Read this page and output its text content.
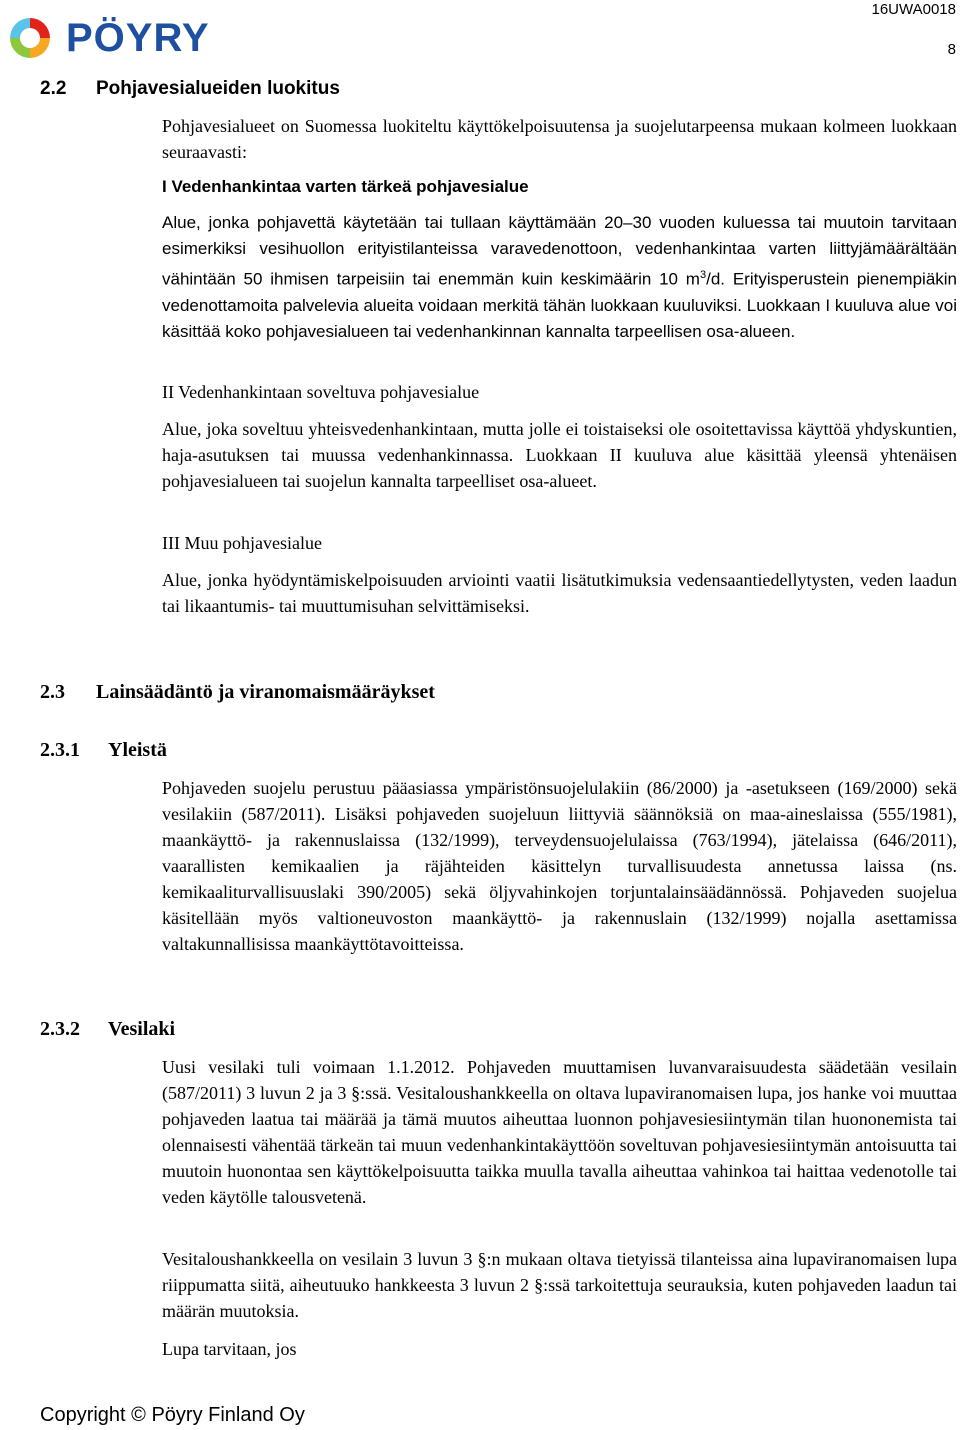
PÖYRY
16UWA0018
8
2.2	Pohjavesialueiden luokitus
Pohjavesialueet on Suomessa luokiteltu käyttökelpoisuutensa ja suojelutarpeensa mukaan kolmeen luokkaan seuraavasti:
I Vedenhankintaa varten tärkeä pohjavesialue
Alue, jonka pohjavettä käytetään tai tullaan käyttämään 20–30 vuoden kuluessa tai muutoin tarvitaan esimerkiksi vesihuollon erityistilanteissa varavedenottoon, vedenhankintaa varten liittyjämäärältään vähintään 50 ihmisen tarpeisiin tai enemmän kuin keskimäärin 10 $m^3/d$. Erityisperustein pienempiäkin vedenottamoita palvelevia alueita voidaan merkitä tähän luokkaan kuuluviksi. Luokkaan I kuuluva alue voi käsittää koko pohjavesialueen tai vedenhankinnan kannalta tarpeellisen osa-alueen.
II Vedenhankintaan soveltuva pohjavesialue
Alue, joka soveltuu yhteisvedenhankintaan, mutta jolle ei toistaiseksi ole osoitettavissa käyttöä yhdyskuntien, haja-asutuksen tai muussa vedenhankinnassa. Luokkaan II kuuluva alue käsittää yleensä yhtenäisen pohjavesialueen tai suojelun kannalta tarpeelliset osa-alueet.
III Muu pohjavesialue
Alue, jonka hyödyntämiskelpoisuuden arviointi vaatii lisätutkimuksia vedensaantiedellytysten, veden laadun tai likaantumis- tai muuttumisuhan selvittämiseksi.
2.3	Lainsäädäntö ja viranomaismääräykset
2.3.1	Yleistä
Pohjaveden suojelu perustuu pääasiassa ympäristönsuojelulakiin (86/2000) ja -asetukseen (169/2000) sekä vesilakiin (587/2011). Lisäksi pohjaveden suojeluun liittyviä säännöksiä on maa-aineslaissa (555/1981), maankäyttö- ja rakennuslaissa (132/1999), terveydensuojelulaissa (763/1994), jätelaissa (646/2011), vaarallisten kemikaalien ja räjähteiden käsittelyn turvallisuudesta annetussa laissa (ns. kemikaaliturvallisuuslaki 390/2005) sekä öljyvahinkojen torjuntalainsäädännössä. Pohjaveden suojelua käsitellään myös valtioneuvoston maankäyttö- ja rakennuslain (132/1999) nojalla asettamissa valtakunnallisissa maankäyttötavoitteissa.
2.3.2	Vesilaki
Uusi vesilaki tuli voimaan 1.1.2012. Pohjaveden muuttamisen luvanvaraisuudesta säädetään vesilain (587/2011) 3 luvun 2 ja 3 §:ssä. Vesitaloushankkeella on oltava lupaviranomaisen lupa, jos hanke voi muuttaa pohjaveden laatua tai määrää ja tämä muutos aiheuttaa luonnon pohjavesiesiintymän tilan huononemista tai olennaisesti vähentää tärkeän tai muun vedenhankintakäyttöön soveltuvan pohjavesiesiintymän antoisuutta tai muutoin huonontaa sen käyttökelpoisuutta taikka muulla tavalla aiheuttaa vahinkoa tai haittaa vedenotolle tai veden käytölle talousvetenä.
Vesitaloushankkeella on vesilain 3 luvun 3 §:n mukaan oltava tietyissä tilanteissa aina lupaviranomaisen lupa riippumatta siitä, aiheutuuko hankkeesta 3 luvun 2 §:ssä tarkoitettuja seurauksia, kuten pohjaveden laadun tai määrän muutoksia.
Lupa tarvitaan, jos
Copyright © Pöyry Finland Oy
